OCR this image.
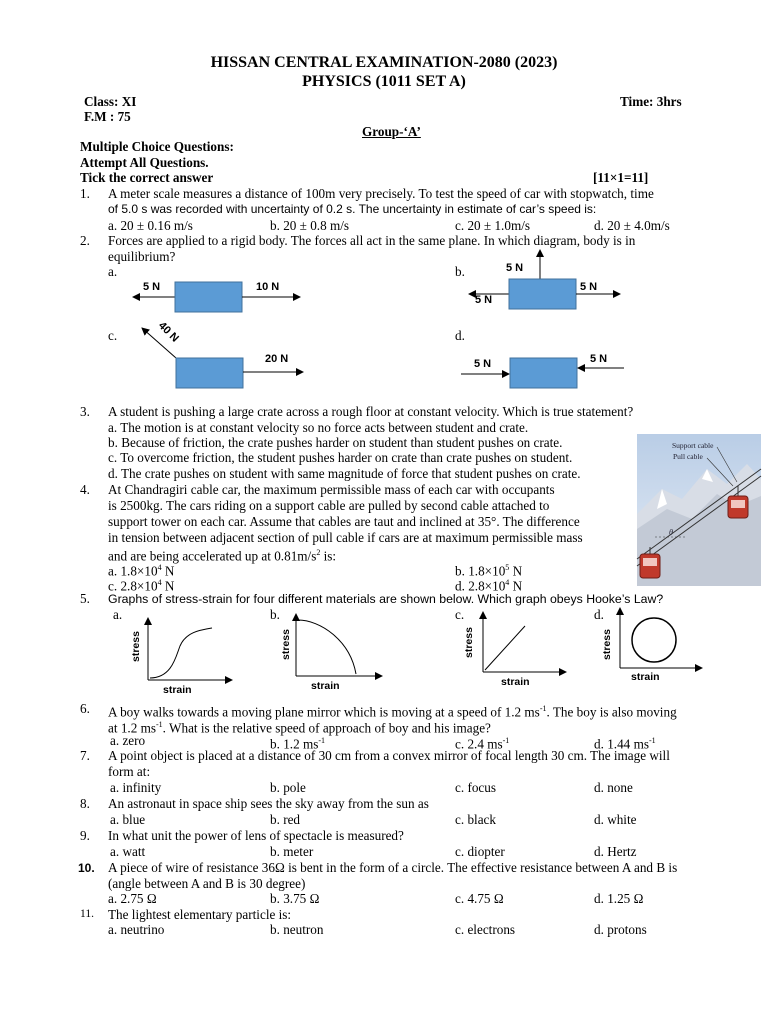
HISSAN CENTRAL EXAMINATION-2080 (2023)
PHYSICS (1011 SET A)
Class: XI	Time: 3hrs
F.M : 75
Group-‘A’
Multiple Choice Questions:
Attempt All Questions.
Tick the correct answer	[11×1=11]
1. A meter scale measures a distance of 100m very precisely. To test the speed of car with stopwatch, time
of 5.0 s was recorded with uncertainty of 0.2 s. The uncertainty in estimate of car’s speed is:
a. 20 ± 0.16 m/s	b. 20 ± 0.8 m/s	c. 20 ± 1.0m/s	d. 20 ± 4.0m/s
2. Forces are applied to a rigid body. The forces all act in the same plane. In which diagram, body is in
equilibrium?
a.	b.
c.	d.
5 N	10 N
5 N
5 N
5 N
40 N
20 N	5 N	5 N
3. A student is pushing a large crate across a rough floor at constant velocity. Which is true statement?
a. The motion is at constant velocity so no force acts between student and crate.
b. Because of friction, the crate pushes harder on student than student pushes on crate.
c. To overcome friction, the student pushes harder on crate than crate pushes on student.
d. The crate pushes on student with same magnitude of force that student pushes on crate.
Support cable
Pull cable
θ
4. At Chandragiri cable car, the maximum permissible mass of each car with occupants
is 2500kg. The cars riding on a support cable are pulled by second cable attached to
support tower on each car. Assume that cables are taut and inclined at 35°. The difference
in tension between adjacent section of pull cable if cars are at maximum permissible mass
and are being accelerated up at $0.81m/s^2$ is:
a. $1.8\times 10^4$ N	b. $1.8\times 10^5$ N
c. $2.8\times 10^4$ N	d. $2.8\times 10^4$ N
5. Graphs of stress-strain for four different materials are shown below. Which graph obeys Hooke’s Law?
a.	b.	c.	d.
stress
strain
stress
strain
stress
strain
stress
strain
6. A boy walks towards a moving plane mirror which is moving at a speed of 1.2 $ms^{-1}$. The boy is also moving
at 1.2 $ms^{-1}$. What is the relative speed of approach of boy and his image?
a. zero	b. 1.2 $ms^{-1}$	c. 2.4 $ms^{-1}$	d. 1.44 $ms^{-1}$
7. A point object is placed at a distance of 30 cm from a convex mirror of focal length 30 cm. The image will
form at:
a. infinity	b. pole	c. focus	d. none
8. An astronaut in space ship sees the sky away from the sun as
a. blue	b. red	c. black	d. white
9. In what unit the power of lens of spectacle is measured?
a. watt	b. meter	c. diopter	d. Hertz
10. A piece of wire of resistance 36Ω is bent in the form of a circle. The effective resistance between A and B is
(angle between A and B is 30 degree)
a. 2.75 Ω	b. 3.75 Ω	c. 4.75 Ω	d. 1.25 Ω
11. The lightest elementary particle is:
a. neutrino	b. neutron	c. electrons	d. protons
